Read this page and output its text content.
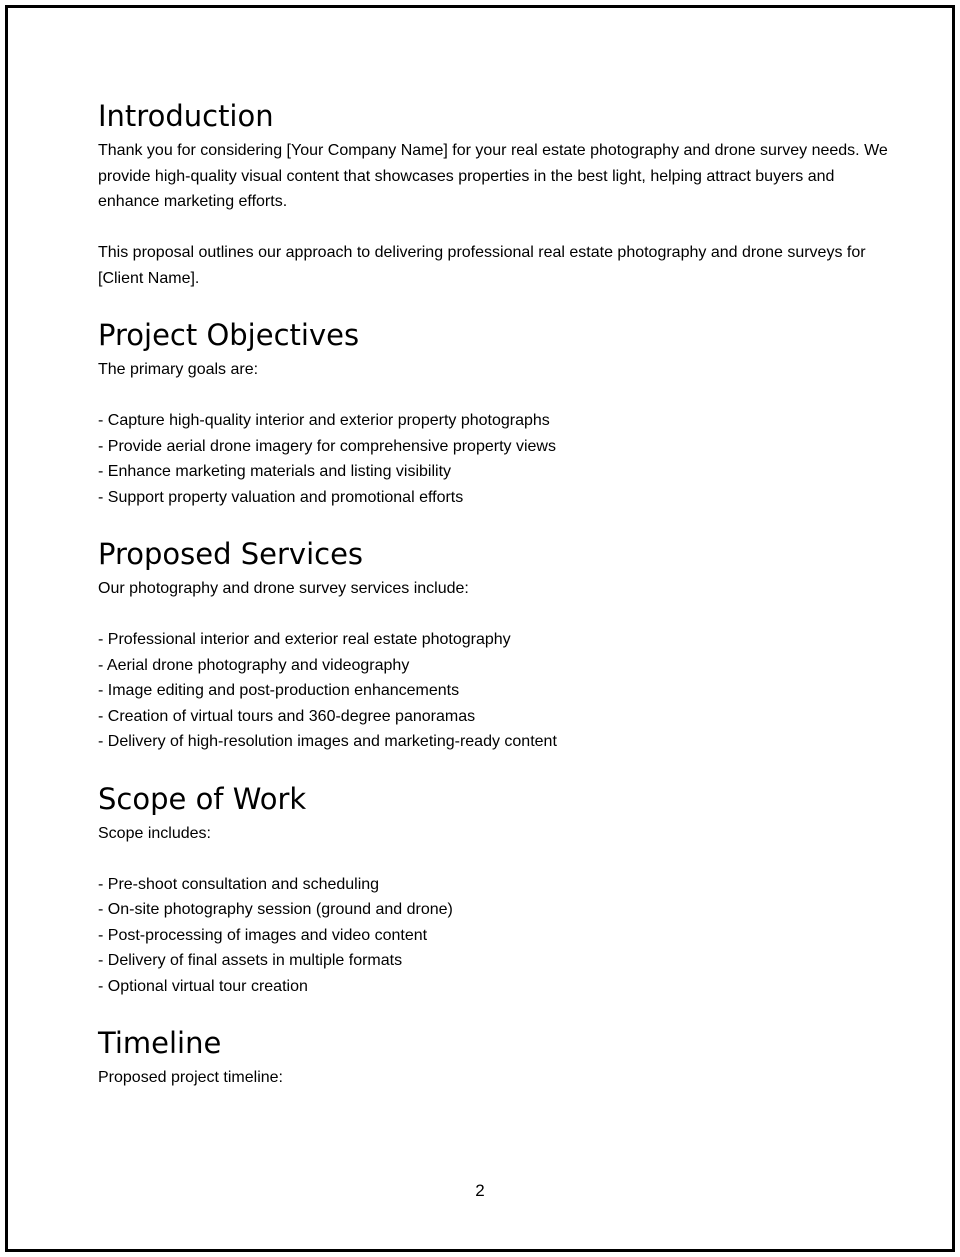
Introduction

Thank you for considering [Your Company Name] for your real estate photography and drone survey needs. We provide high-quality visual content that showcases properties in the best light, helping attract buyers and enhance marketing efforts.

This proposal outlines our approach to delivering professional real estate photography and drone surveys for [Client Name].

Project Objectives

The primary goals are:

- Capture high-quality interior and exterior property photographs
- Provide aerial drone imagery for comprehensive property views
- Enhance marketing materials and listing visibility
- Support property valuation and promotional efforts
Proposed Services

Our photography and drone survey services include:

- Professional interior and exterior real estate photography
- Aerial drone photography and videography
- Image editing and post-production enhancements
- Creation of virtual tours and 360-degree panoramas
- Delivery of high-resolution images and marketing-ready content
Scope of Work

Scope includes:

- Pre-shoot consultation and scheduling
- On-site photography session (ground and drone)
- Post-processing of images and video content
- Delivery of final assets in multiple formats
- Optional virtual tour creation
Timeline

Proposed project timeline:

2
